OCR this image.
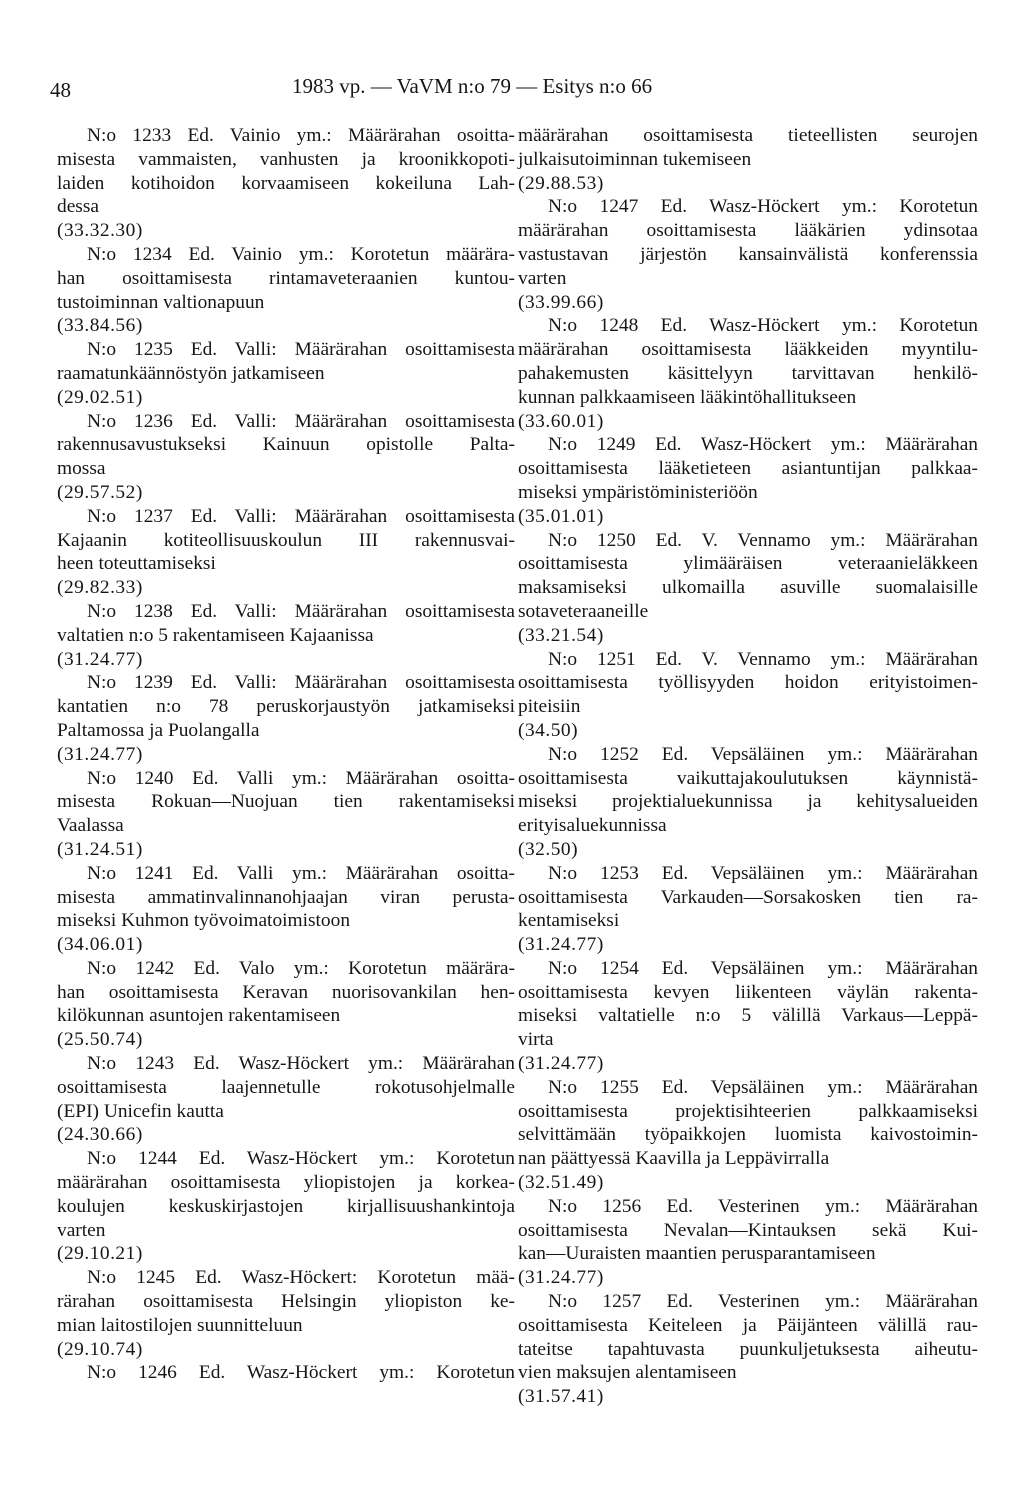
48	1983 vp. — VaVM n:o 79 — Esitys n:o 66
N:o 1233 Ed. Vainio ym.: Määrärahan osoitta-
misesta vammaisten, vanhusten ja kroonikkopoti-
laiden kotihoidon korvaamiseen kokeiluna Lah-
dessa
(33.32.30)
N:o 1234 Ed. Vainio ym.: Korotetun määrära-
han osoittamisesta rintamaveteraanien kuntou-
tustoiminnan valtionapuun
(33.84.56)
N:o 1235 Ed. Valli: Määrärahan osoittamisesta
raamatunkäännöstyön jatkamiseen
(29.02.51)
N:o 1236 Ed. Valli: Määrärahan osoittamisesta
rakennusavustukseksi Kainuun opistolle Palta-
mossa
(29.57.52)
N:o 1237 Ed. Valli: Määrärahan osoittamisesta
Kajaanin kotiteollisuuskoulun III rakennusvai-
heen toteuttamiseksi
(29.82.33)
N:o 1238 Ed. Valli: Määrärahan osoittamisesta
valtatien n:o 5 rakentamiseen Kajaanissa
(31.24.77)
N:o 1239 Ed. Valli: Määrärahan osoittamisesta
kantatien n:o 78 peruskorjaustyön jatkamiseksi
Paltamossa ja Puolangalla
(31.24.77)
N:o 1240 Ed. Valli ym.: Määrärahan osoitta-
misesta Rokuan—Nuojuan tien rakentamiseksi
Vaalassa
(31.24.51)
N:o 1241 Ed. Valli ym.: Määrärahan osoitta-
misesta ammatinvalinnanohjaajan viran perusta-
miseksi Kuhmon työvoimatoimistoon
(34.06.01)
N:o 1242 Ed. Valo ym.: Korotetun määrära-
han osoittamisesta Keravan nuorisovankilan hen-
kilökunnan asuntojen rakentamiseen
(25.50.74)
N:o 1243 Ed. Wasz-Höckert ym.: Määrärahan
osoittamisesta laajennetulle rokotusohjelmalle
(EPI) Unicefin kautta
(24.30.66)
N:o 1244 Ed. Wasz-Höckert ym.: Korotetun
määrärahan osoittamisesta yliopistojen ja korkea-
koulujen keskuskirjastojen kirjallisuushankintoja
varten
(29.10.21)
N:o 1245 Ed. Wasz-Höckert: Korotetun mää-
rärahan osoittamisesta Helsingin yliopiston ke-
mian laitostilojen suunnitteluun
(29.10.74)
N:o 1246 Ed. Wasz-Höckert ym.: Korotetun
määrärahan osoittamisesta tieteellisten seurojen
julkaisutoiminnan tukemiseen
(29.88.53)
N:o 1247 Ed. Wasz-Höckert ym.: Korotetun
määrärahan osoittamisesta lääkärien ydinsotaa
vastustavan järjestön kansainvälistä konferenssia
varten
(33.99.66)
N:o 1248 Ed. Wasz-Höckert ym.: Korotetun
määrärahan osoittamisesta lääkkeiden myyntilu-
pahakemusten käsittelyyn tarvittavan henkilö-
kunnan palkkaamiseen lääkintöhallitukseen
(33.60.01)
N:o 1249 Ed. Wasz-Höckert ym.: Määrärahan
osoittamisesta lääketieteen asiantuntijan palkkaa-
miseksi ympäristöministeriöön
(35.01.01)
N:o 1250 Ed. V. Vennamo ym.: Määrärahan
osoittamisesta ylimääräisen veteraanieläkkeen
maksamiseksi ulkomailla asuville suomalaisille
sotaveteraaneille
(33.21.54)
N:o 1251 Ed. V. Vennamo ym.: Määrärahan
osoittamisesta työllisyyden hoidon erityistoimen-
piteisiin
(34.50)
N:o 1252 Ed. Vepsäläinen ym.: Määrärahan
osoittamisesta vaikuttajakoulutuksen käynnistä-
miseksi projektialuekunnissa ja kehitysalueiden
erityisaluekunnissa
(32.50)
N:o 1253 Ed. Vepsäläinen ym.: Määrärahan
osoittamisesta Varkauden—Sorsakosken tien ra-
kentamiseksi
(31.24.77)
N:o 1254 Ed. Vepsäläinen ym.: Määrärahan
osoittamisesta kevyen liikenteen väylän rakenta-
miseksi valtatielle n:o 5 välillä Varkaus—Leppä-
virta
(31.24.77)
N:o 1255 Ed. Vepsäläinen ym.: Määrärahan
osoittamisesta projektisihteerien palkkaamiseksi
selvittämään työpaikkojen luomista kaivostoimin-
nan päättyessä Kaavilla ja Leppävirralla
(32.51.49)
N:o 1256 Ed. Vesterinen ym.: Määrärahan
osoittamisesta Nevalan—Kintauksen sekä Kui-
kan—Uuraisten maantien perusparantamiseen
(31.24.77)
N:o 1257 Ed. Vesterinen ym.: Määrärahan
osoittamisesta Keiteleen ja Päijänteen välillä rau-
tateitse tapahtuvasta puunkuljetuksesta aiheutu-
vien maksujen alentamiseen
(31.57.41)
